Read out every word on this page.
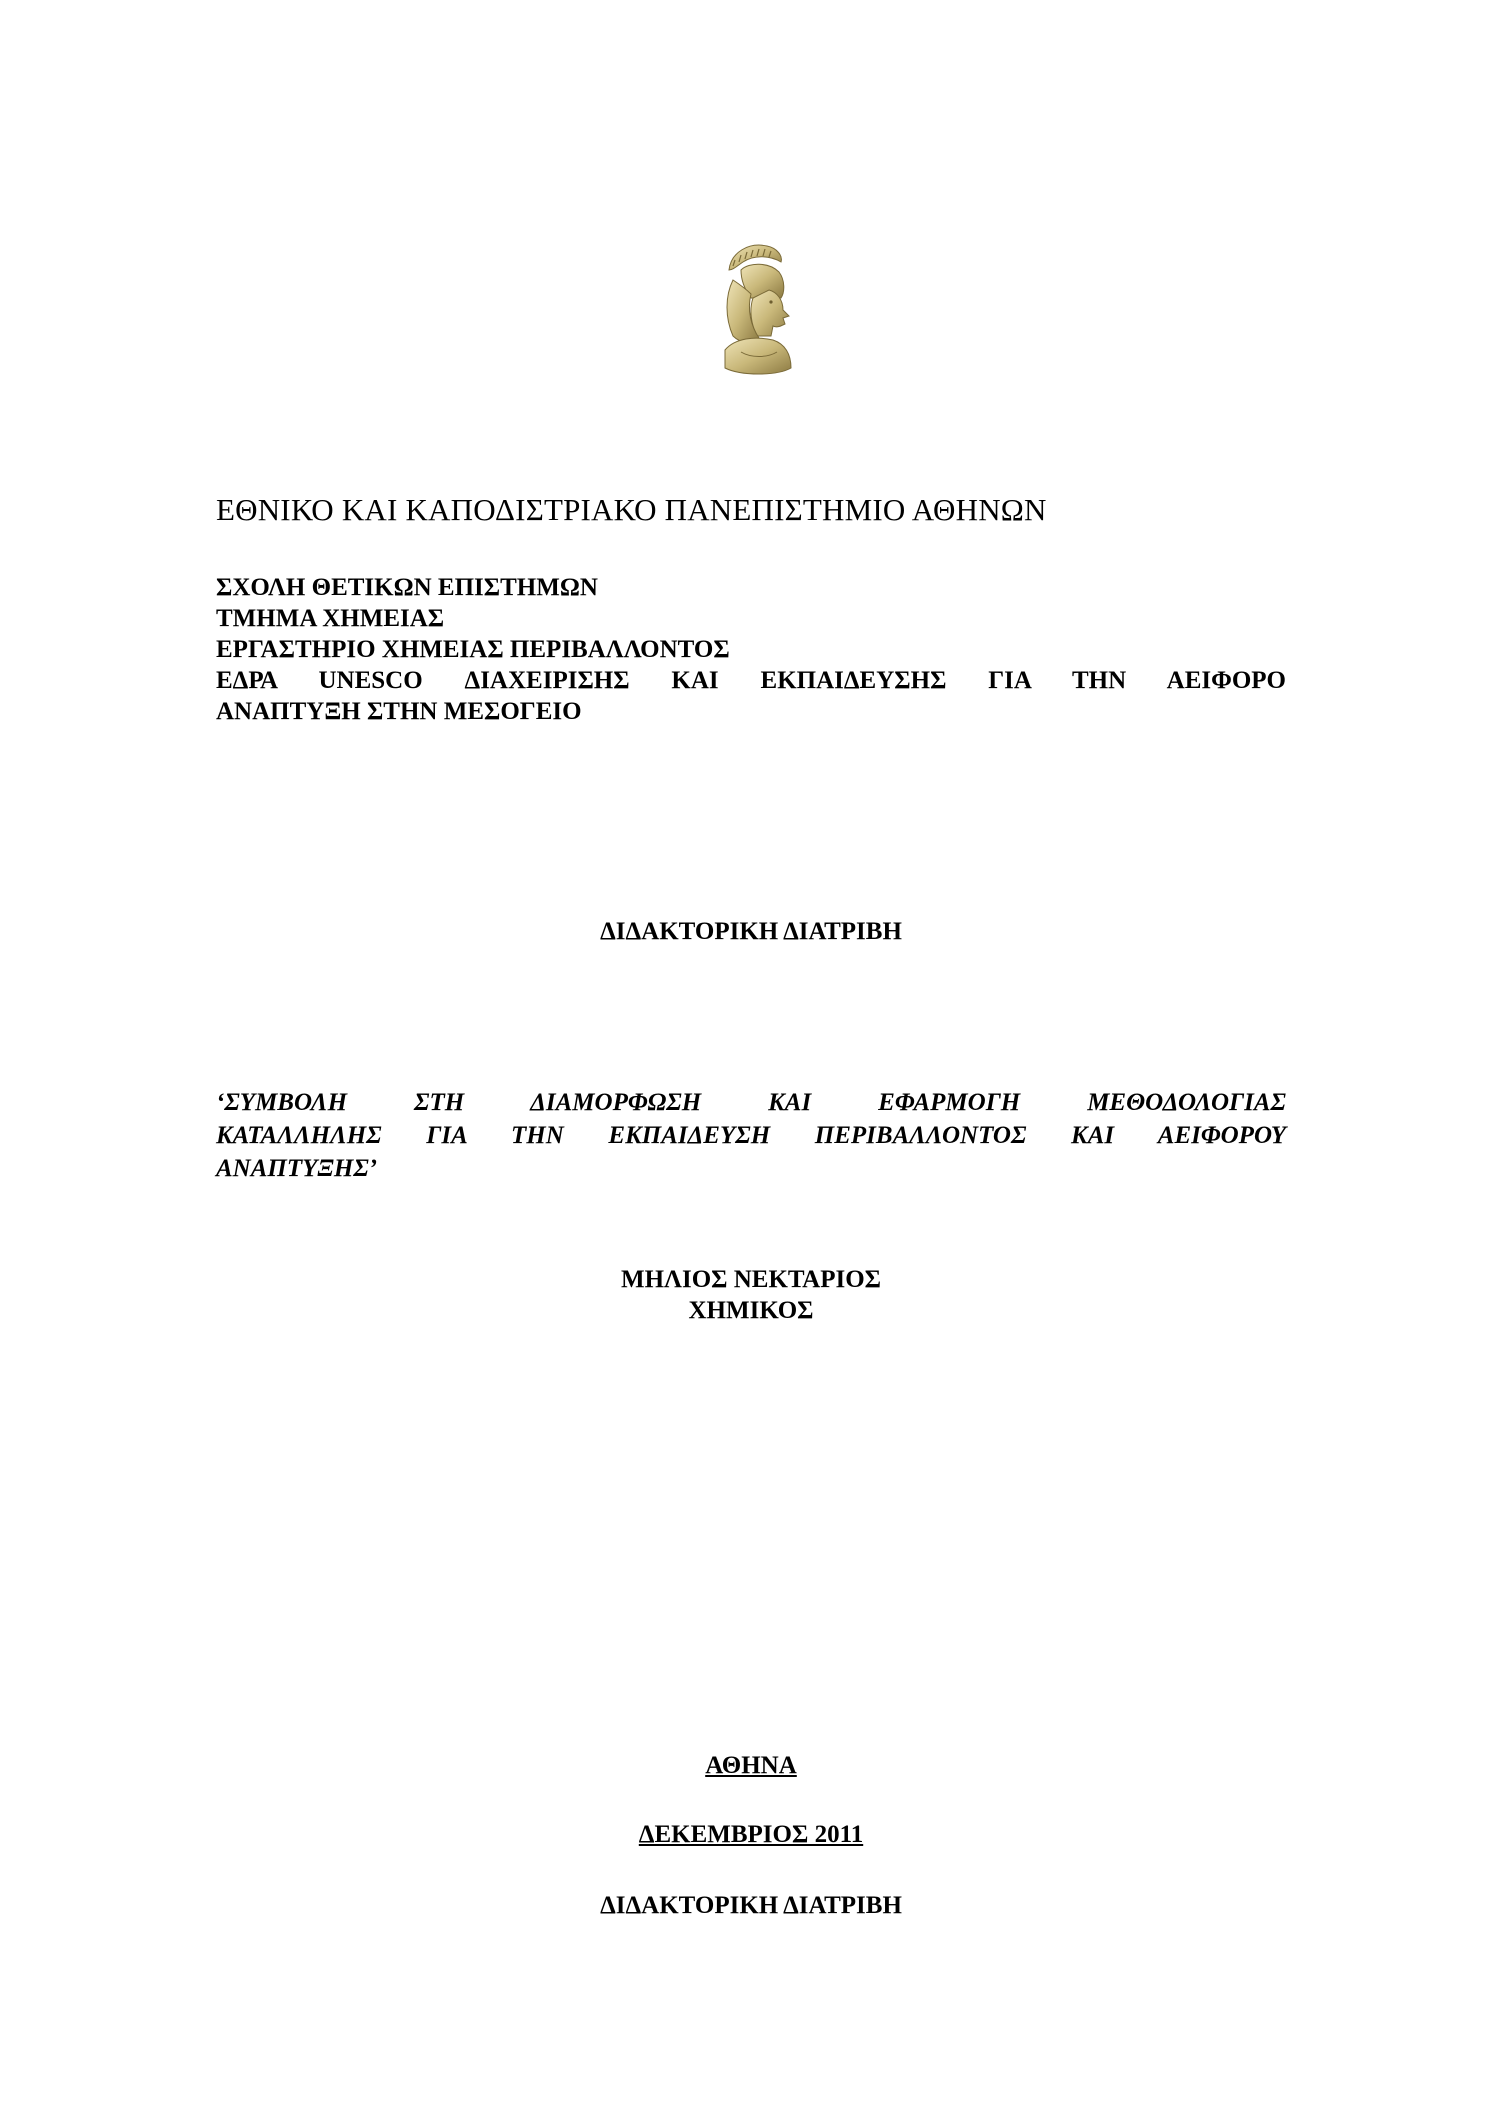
ΕΘΝΙΚΟ ΚΑΙ ΚΑΠΟΔΙΣΤΡΙΑΚΟ ΠΑΝΕΠΙΣΤΗΜΙΟ ΑΘΗΝΩΝ
ΣΧΟΛΗ ΘΕΤΙΚΩΝ ΕΠΙΣΤΗΜΩΝ
ΤΜΗΜΑ ΧΗΜΕΙΑΣ
ΕΡΓΑΣΤΗΡΙΟ ΧΗΜΕΙΑΣ ΠΕΡΙΒΑΛΛΟΝΤΟΣ
ΕΔΡΑ UNESCO ΔΙΑΧΕΙΡΙΣΗΣ ΚΑΙ ΕΚΠΑΙΔΕΥΣΗΣ ΓΙΑ ΤΗΝ ΑΕΙΦΟΡΟ
ΑΝΑΠΤΥΞΗ ΣΤΗΝ ΜΕΣΟΓΕΙΟ
ΔΙΔΑΚΤΟΡΙΚΗ ΔΙΑΤΡΙΒΗ
‘ΣΥΜΒΟΛΗ ΣΤΗ ΔΙΑΜΟΡΦΩΣΗ ΚΑΙ ΕΦΑΡΜΟΓΗ ΜΕΘΟΔΟΛΟΓΙΑΣ
ΚΑΤΑΛΛΗΛΗΣ ΓΙΑ ΤΗΝ ΕΚΠΑΙΔΕΥΣΗ ΠΕΡΙΒΑΛΛΟΝΤΟΣ ΚΑΙ ΑΕΙΦΟΡΟΥ
ΑΝΑΠΤΥΞΗΣ’
ΜΗΛΙΟΣ ΝΕΚΤΑΡΙΟΣ
ΧΗΜΙΚΟΣ
ΑΘΗΝΑ
ΔΕΚΕΜΒΡΙΟΣ 2011
ΔΙΔΑΚΤΟΡΙΚΗ ΔΙΑΤΡΙΒΗ
